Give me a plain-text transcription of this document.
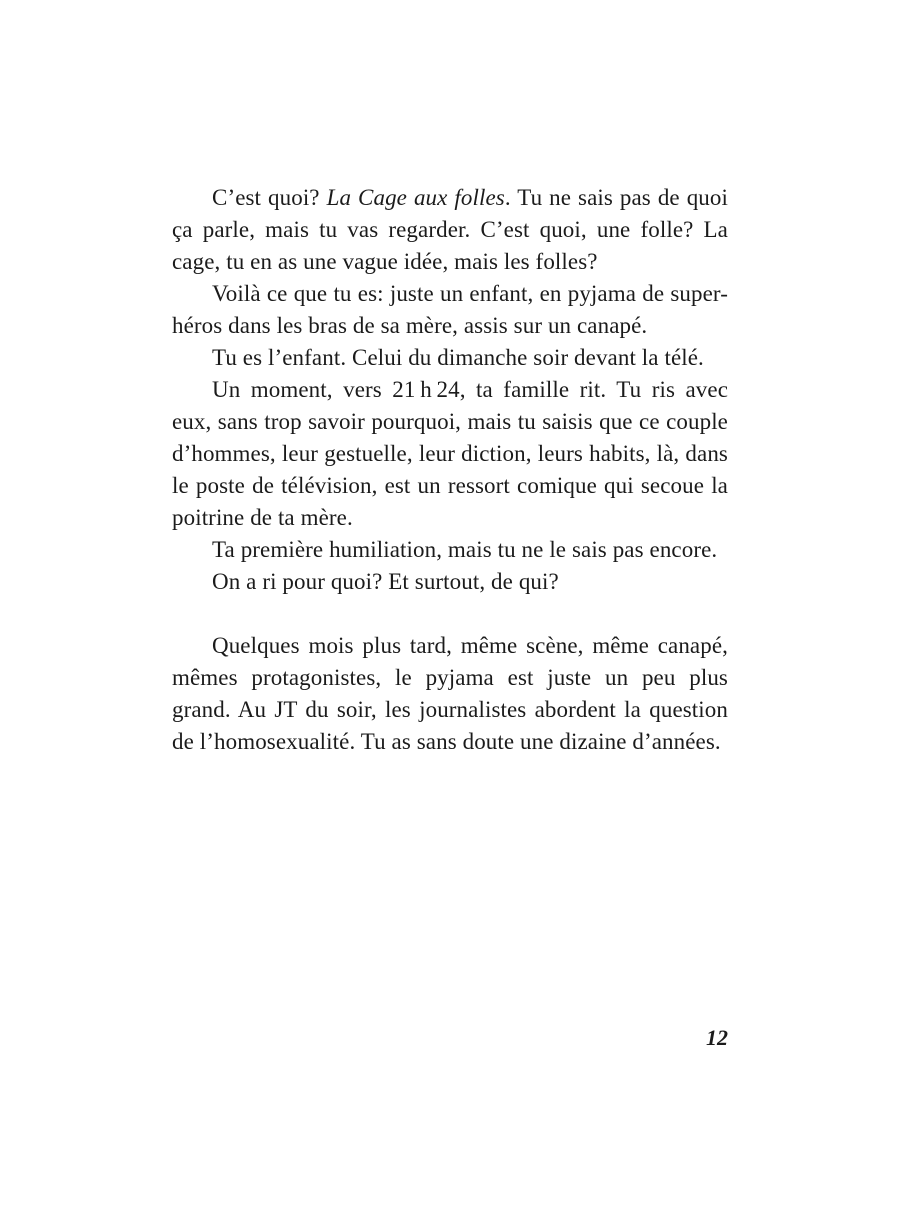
C’est quoi? La Cage aux folles. Tu ne sais pas de quoi ça parle, mais tu vas regarder. C’est quoi, une folle? La cage, tu en as une vague idée, mais les folles?

Voilà ce que tu es: juste un enfant, en pyjama de super-héros dans les bras de sa mère, assis sur un canapé.

Tu es l’enfant. Celui du dimanche soir devant la télé.

Un moment, vers 21 h 24, ta famille rit. Tu ris avec eux, sans trop savoir pourquoi, mais tu saisis que ce couple d’hommes, leur gestuelle, leur diction, leurs habits, là, dans le poste de télévision, est un ressort comique qui secoue la poitrine de ta mère.

Ta première humiliation, mais tu ne le sais pas encore.

On a ri pour quoi? Et surtout, de qui?

Quelques mois plus tard, même scène, même canapé, mêmes protagonistes, le pyjama est juste un peu plus grand. Au JT du soir, les journalistes abordent la question de l’homosexualité. Tu as sans doute une dizaine d’années.

12
